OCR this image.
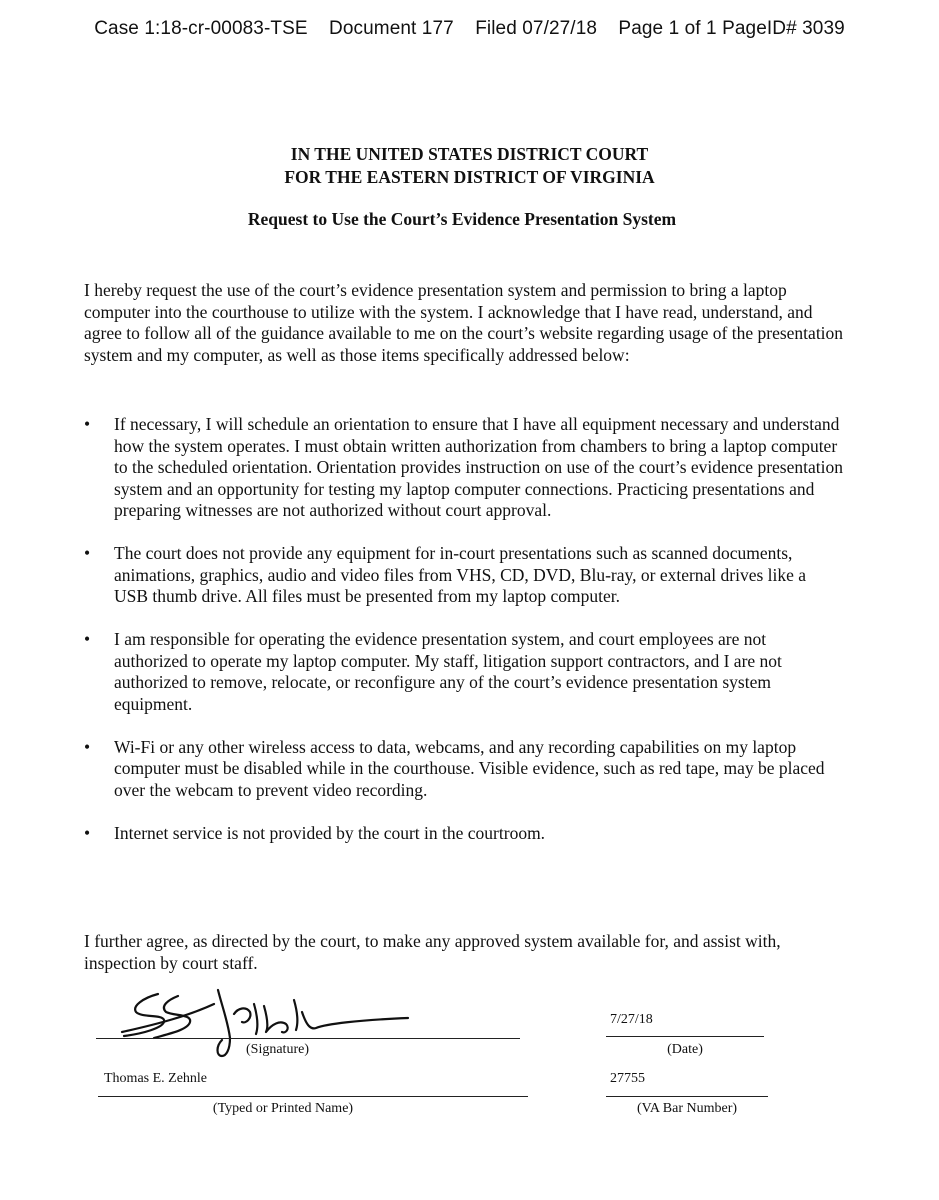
Case 1:18-cr-00083-TSE Document 177 Filed 07/27/18 Page 1 of 1 PageID# 3039
IN THE UNITED STATES DISTRICT COURT
FOR THE EASTERN DISTRICT OF VIRGINIA
Request to Use the Court’s Evidence Presentation System

I hereby request the use of the court’s evidence presentation system and permission to bring a laptop computer into the courthouse to utilize with the system. I acknowledge that I have read, understand, and agree to follow all of the guidance available to me on the court’s website regarding usage of the presentation system and my computer, as well as those items specifically addressed below:

•	If necessary, I will schedule an orientation to ensure that I have all equipment necessary and understand how the system operates. I must obtain written authorization from chambers to bring a laptop computer to the scheduled orientation. Orientation provides instruction on use of the court’s evidence presentation system and an opportunity for testing my laptop computer connections. Practicing presentations and preparing witnesses are not authorized without court approval.
•	The court does not provide any equipment for in-court presentations such as scanned documents, animations, graphics, audio and video files from VHS, CD, DVD, Blu-ray, or external drives like a USB thumb drive. All files must be presented from my laptop computer.
•	I am responsible for operating the evidence presentation system, and court employees are not authorized to operate my laptop computer. My staff, litigation support contractors, and I are not authorized to remove, relocate, or reconfigure any of the court’s evidence presentation system equipment.
•	Wi-Fi or any other wireless access to data, webcams, and any recording capabilities on my laptop computer must be disabled while in the courthouse. Visible evidence, such as red tape, may be placed over the webcam to prevent video recording.
•	Internet service is not provided by the court in the courtroom.

I further agree, as directed by the court, to make any approved system available for, and assist with, inspection by court staff.

(Signature)
7/27/18
(Date)
Thomas E. Zehnle
(Typed or Printed Name)
27755
(VA Bar Number)
